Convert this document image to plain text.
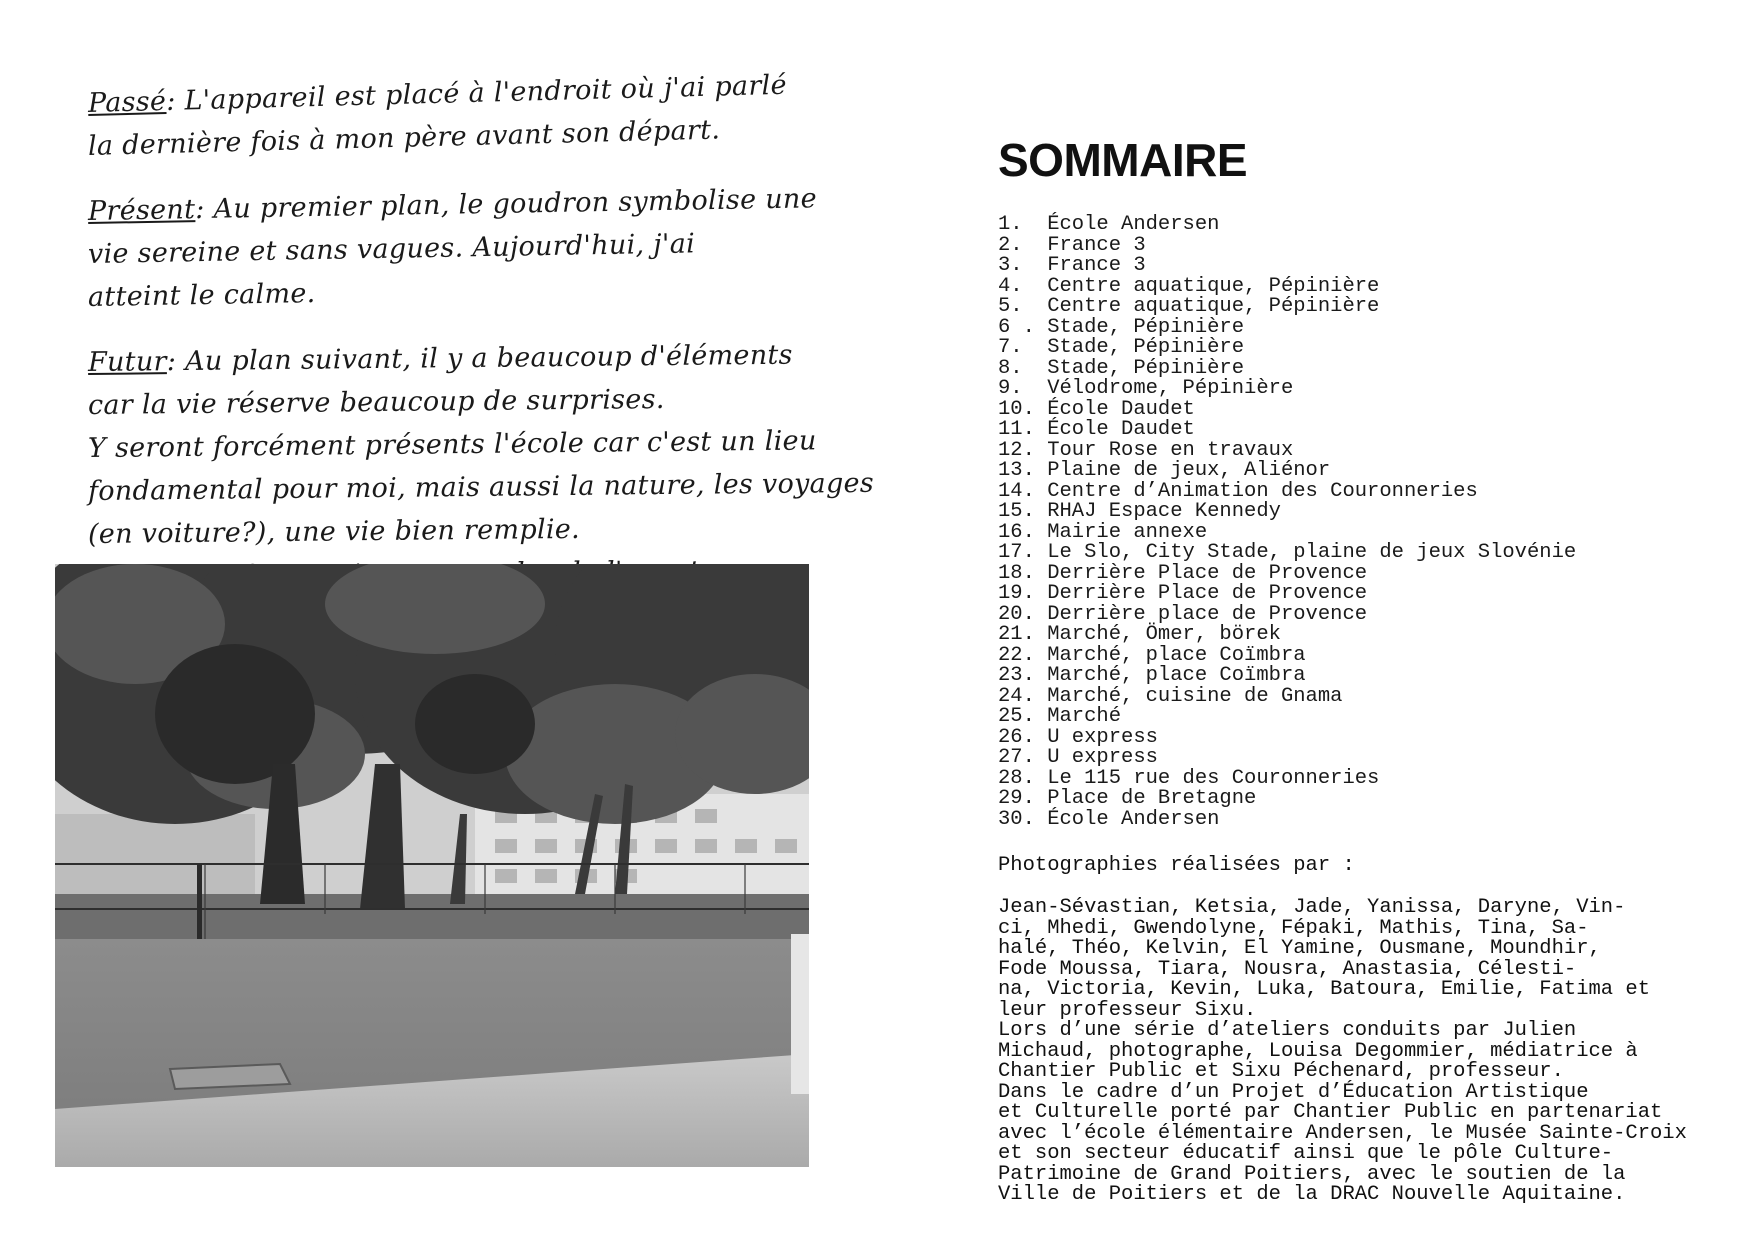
Passé: L'appareil est placé à l'endroit où j'ai parlé
la dernière fois à mon père avant son départ.
Présent: Au premier plan, le goudron symbolise une
vie sereine et sans vagues. Aujourd'hui, j'ai
atteint le calme.
Futur: Au plan suivant, il y a beaucoup d'éléments
car la vie réserve beaucoup de surprises.
Y seront forcément présents l'école car c'est un lieu
fondamental pour moi, mais aussi la nature, les voyages
(en voiture?), une vie bien remplie.
SOMMAIRE
1.  École Andersen
2.  France 3
3.  France 3
4.  Centre aquatique, Pépinière
5.  Centre aquatique, Pépinière
6 . Stade, Pépinière
7.  Stade, Pépinière
8.  Stade, Pépinière
9.  Vélodrome, Pépinière
10. École Daudet
11. École Daudet
12. Tour Rose en travaux
13. Plaine de jeux, Aliénor
14. Centre d’Animation des Couronneries
15. RHAJ Espace Kennedy
16. Mairie annexe
17. Le Slo, City Stade, plaine de jeux Slovénie
18. Derrière Place de Provence
19. Derrière Place de Provence
20. Derrière place de Provence
21. Marché, Ömer, börek
22. Marché, place Coïmbra
23. Marché, place Coïmbra
24. Marché, cuisine de Gnama
25. Marché
26. U express
27. U express
28. Le 115 rue des Couronneries
29. Place de Bretagne
30. École Andersen

Photographies réalisées par :

Jean-Sévastian, Ketsia, Jade, Yanissa, Daryne, Vin-
ci, Mhedi, Gwendolyne, Fépaki, Mathis, Tina, Sa-
halé, Théo, Kelvin, El Yamine, Ousmane, Moundhir,
Fode Moussa, Tiara, Nousra, Anastasia, Célesti-
na, Victoria, Kevin, Luka, Batoura, Emilie, Fatima et
leur professeur Sixu.
Lors d’une série d’ateliers conduits par Julien
Michaud, photographe, Louisa Degommier, médiatrice à
Chantier Public et Sixu Péchenard, professeur.
Dans le cadre d’un Projet d’Éducation Artistique
et Culturelle porté par Chantier Public en partenariat
avec l’école élémentaire Andersen, le Musée Sainte-Croix
et son secteur éducatif ainsi que le pôle Culture-
Patrimoine de Grand Poitiers, avec le soutien de la
Ville de Poitiers et de la DRAC Nouvelle Aquitaine.
